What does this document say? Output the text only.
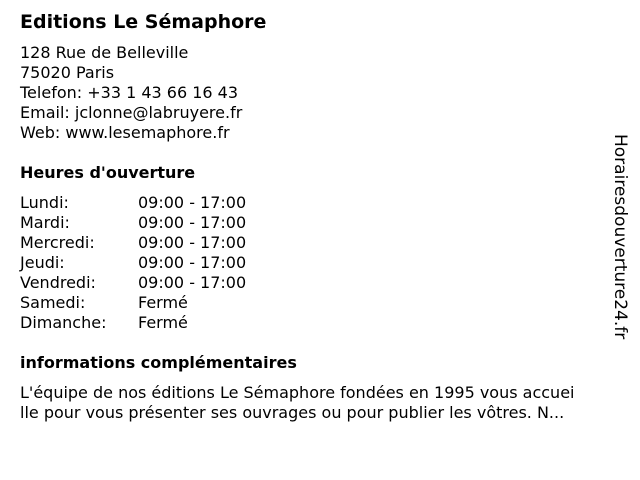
Editions Le Sémaphore
128 Rue de Belleville
75020 Paris
Telefon: +33 1 43 66 16 43
Email: jclonne@labruyere.fr
Web: www.lesemaphore.fr
Heures d'ouverture
Lundi:	09:00 - 17:00
Mardi:	09:00 - 17:00
Mercredi:	09:00 - 17:00
Jeudi:	09:00 - 17:00
Vendredi:	09:00 - 17:00
Samedi:	Fermé
Dimanche: Fermé
informations complémentaires
L'équipe de nos éditions Le Sémaphore fondées en 1995 vous accuei
lle pour vous présenter ses ouvrages ou pour publier les vôtres. N...
Horairesdouverture24.fr
